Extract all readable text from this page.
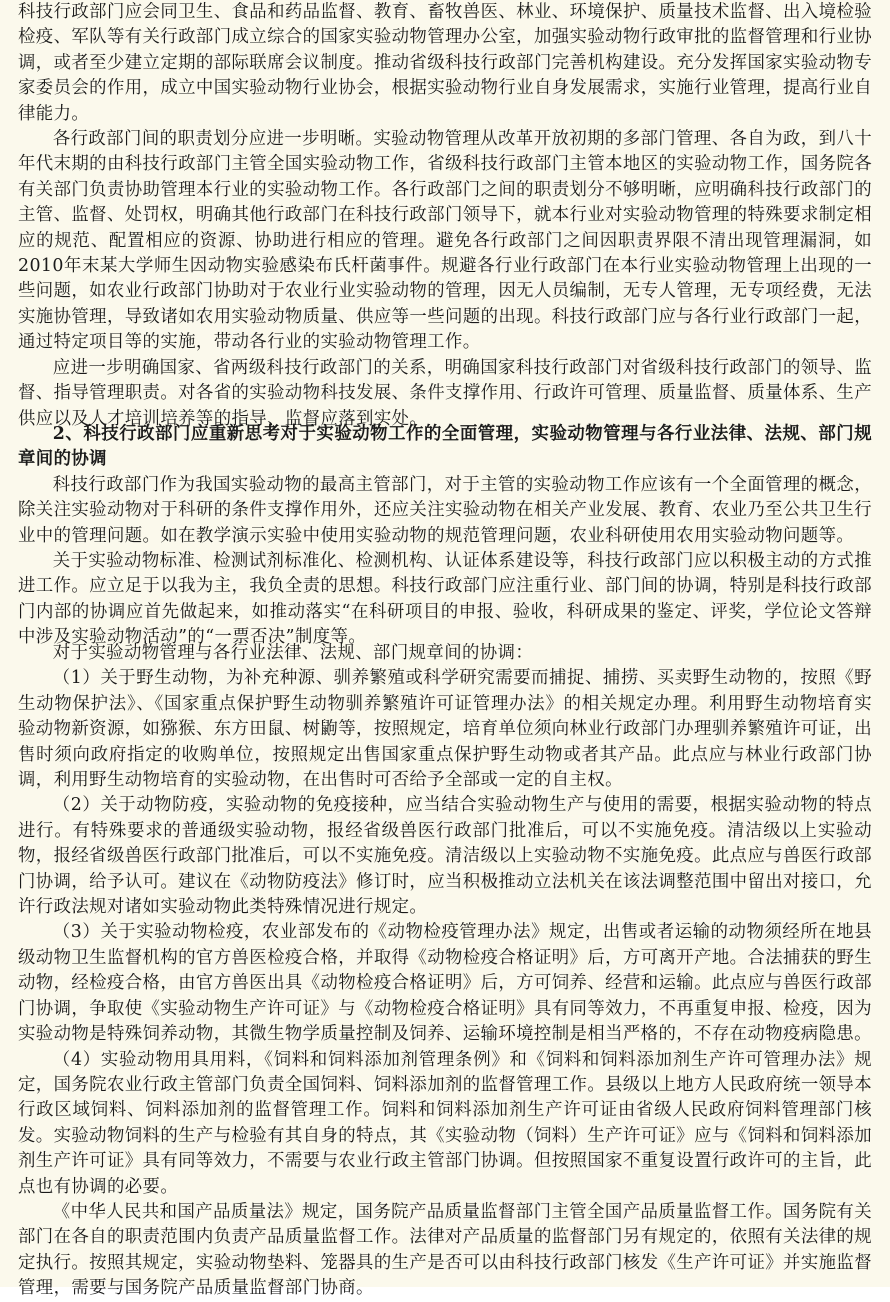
科技行政部门应会同卫生、食品和药品监督、教育、畜牧兽医、林业、环境保护、质量技术监督、出入境检验检疫、军队等有关行政部门成立综合的国家实验动物管理办公室，加强实验动物行政审批的监督管理和行业协调，或者至少建立定期的部际联席会议制度。推动省级科技行政部门完善机构建设。充分发挥国家实验动物专家委员会的作用，成立中国实验动物行业协会，根据实验动物行业自身发展需求，实施行业管理，提高行业自律能力。

各行政部门间的职责划分应进一步明晰。实验动物管理从改革开放初期的多部门管理、各自为政，到八十年代末期的由科技行政部门主管全国实验动物工作，省级科技行政部门主管本地区的实验动物工作，国务院各有关部门负责协助管理本行业的实验动物工作。各行政部门之间的职责划分不够明晰，应明确科技行政部门的主管、监督、处罚权，明确其他行政部门在科技行政部门领导下，就本行业对实验动物管理的特殊要求制定相应的规范、配置相应的资源、协助进行相应的管理。避免各行政部门之间因职责界限不清出现管理漏洞，如2010年末某大学师生因动物实验感染布氏杆菌事件。规避各行业行政部门在本行业实验动物管理上出现的一些问题，如农业行政部门协助对于农业行业实验动物的管理，因无人员编制，无专人管理，无专项经费，无法实施协管理，导致诸如农用实验动物质量、供应等一些问题的出现。科技行政部门应与各行业行政部门一起，通过特定项目等的实施，带动各行业的实验动物管理工作。

应进一步明确国家、省两级科技行政部门的关系，明确国家科技行政部门对省级科技行政部门的领导、监督、指导管理职责。对各省的实验动物科技发展、条件支撑作用、行政许可管理、质量监督、质量体系、生产供应以及人才培训培养等的指导、监督应落到实处。

2、科技行政部门应重新思考对于实验动物工作的全面管理，实验动物管理与各行业法律、法规、部门规章间的协调

科技行政部门作为我国实验动物的最高主管部门，对于主管的实验动物工作应该有一个全面管理的概念，除关注实验动物对于科研的条件支撑作用外，还应关注实验动物在相关产业发展、教育、农业乃至公共卫生行业中的管理问题。如在教学演示实验中使用实验动物的规范管理问题，农业科研使用农用实验动物问题等。

关于实验动物标准、检测试剂标准化、检测机构、认证体系建设等，科技行政部门应以积极主动的方式推进工作。应立足于以我为主，我负全责的思想。科技行政部门应注重行业、部门间的协调，特别是科技行政部门内部的协调应首先做起来，如推动落实“在科研项目的申报、验收，科研成果的鉴定、评奖，学位论文答辩中涉及实验动物活动”的“一票否决”制度等。

对于实验动物管理与各行业法律、法规、部门规章间的协调：

（1）关于野生动物，为补充种源、驯养繁殖或科学研究需要而捕捉、捕捞、买卖野生动物的，按照《野生动物保护法》、《国家重点保护野生动物驯养繁殖许可证管理办法》的相关规定办理。利用野生动物培育实验动物新资源，如猕猴、东方田鼠、树鼩等，按照规定，培育单位须向林业行政部门办理驯养繁殖许可证，出售时须向政府指定的收购单位，按照规定出售国家重点保护野生动物或者其产品。此点应与林业行政部门协调，利用野生动物培育的实验动物，在出售时可否给予全部或一定的自主权。

（2）关于动物防疫，实验动物的免疫接种，应当结合实验动物生产与使用的需要，根据实验动物的特点进行。有特殊要求的普通级实验动物，报经省级兽医行政部门批准后，可以不实施免疫。清洁级以上实验动物，报经省级兽医行政部门批准后，可以不实施免疫。清洁级以上实验动物不实施免疫。此点应与兽医行政部门协调，给予认可。建议在《动物防疫法》修订时，应当积极推动立法机关在该法调整范围中留出对接口，允许行政法规对诸如实验动物此类特殊情况进行规定。

（3）关于实验动物检疫，农业部发布的《动物检疫管理办法》规定，出售或者运输的动物须经所在地县级动物卫生监督机构的官方兽医检疫合格，并取得《动物检疫合格证明》后，方可离开产地。合法捕获的野生动物，经检疫合格，由官方兽医出具《动物检疫合格证明》后，方可饲养、经营和运输。此点应与兽医行政部门协调，争取使《实验动物生产许可证》与《动物检疫合格证明》具有同等效力，不再重复申报、检疫，因为实验动物是特殊饲养动物，其微生物学质量控制及饲养、运输环境控制是相当严格的，不存在动物疫病隐患。

（4）实验动物用具用料，《饲料和饲料添加剂管理条例》和《饲料和饲料添加剂生产许可管理办法》规定，国务院农业行政主管部门负责全国饲料、饲料添加剂的监督管理工作。县级以上地方人民政府统一领导本行政区域饲料、饲料添加剂的监督管理工作。饲料和饲料添加剂生产许可证由省级人民政府饲料管理部门核发。实验动物饲料的生产与检验有其自身的特点，其《实验动物（饲料）生产许可证》应与《饲料和饲料添加剂生产许可证》具有同等效力，不需要与农业行政主管部门协调。但按照国家不重复设置行政许可的主旨，此点也有协调的必要。

《中华人民共和国产品质量法》规定，国务院产品质量监督部门主管全国产品质量监督工作。国务院有关部门在各自的职责范围内负责产品质量监督工作。法律对产品质量的监督部门另有规定的，依照有关法律的规定执行。按照其规定，实验动物垫料、笼器具的生产是否可以由科技行政部门核发《生产许可证》并实施监督管理，需要与国务院产品质量监督部门协商。
